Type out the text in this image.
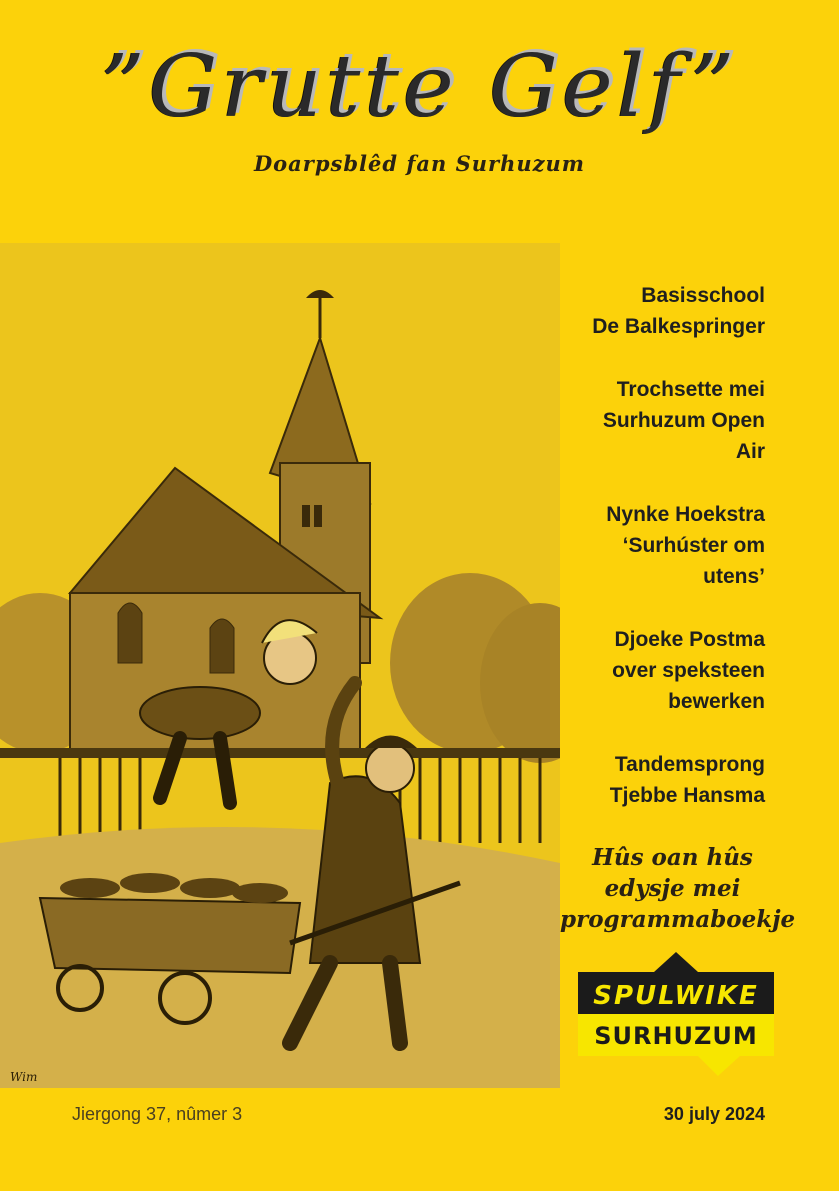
”Grutte Gelf”
Doarpsblêd fan Surhuzum
Wim
Basisschool
De Balkespringer
Trochsette mei
Surhuzum Open
Air
Nynke Hoekstra
‘Surhúster om
utens’
Djoeke Postma
over speksteen
bewerken
Tandemsprong
Tjebbe Hansma
Hûs oan hûs
edysje mei
programmaboekje
SPULWIKE
SURHUZUM
Jiergong 37, nûmer 3	30 july 2024
